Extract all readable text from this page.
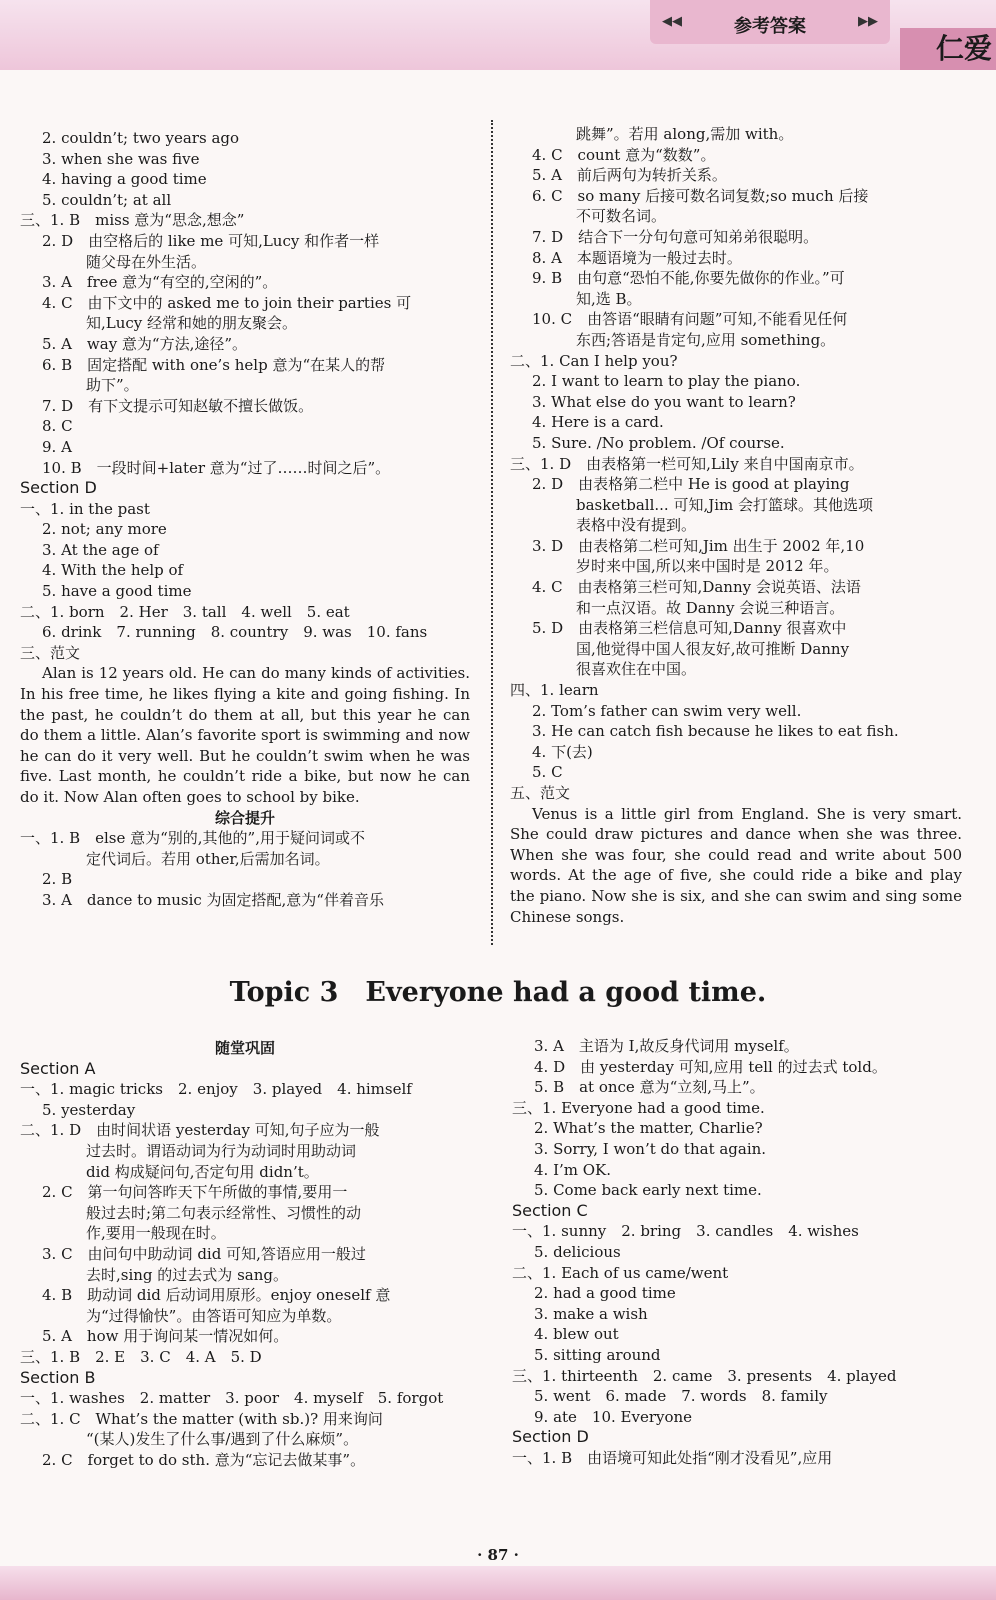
◀◀	参考答案	▶▶
仁爱
2. couldn’t; two years ago
3. when she was five
4. having a good time
5. couldn’t; at all
三、1. B　miss 意为“思念,想念”
2. D　由空格后的 like me 可知,Lucy 和作者一样
随父母在外生活。
3. A　free 意为“有空的,空闲的”。
4. C　由下文中的 asked me to join their parties 可
知,Lucy 经常和她的朋友聚会。
5. A　way 意为“方法,途径”。
6. B　固定搭配 with one’s help 意为“在某人的帮
助下”。
7. D　有下文提示可知赵敏不擅长做饭。
8. C
9. A
10. B　一段时间+later 意为“过了……时间之后”。
Section D
一、1. in the past
2. not; any more
3. At the age of
4. With the help of
5. have a good time
二、1. born　2. Her　3. tall　4. well　5. eat
6. drink　7. running　8. country　9. was　10. fans
三、范文
Alan is 12 years old. He can do many kinds of activities. In his free time, he likes flying a kite and going fishing. In the past, he couldn’t do them at all, but this year he can do them a little. Alan’s favorite sport is swimming and now he can do it very well. But he couldn’t swim when he was five. Last month, he couldn’t ride a bike, but now he can do it. Now Alan often goes to school by bike.
综合提升
一、1. B　else 意为“别的,其他的”,用于疑问词或不
定代词后。若用 other,后需加名词。
2. B
3. A　dance to music 为固定搭配,意为“伴着音乐
跳舞”。若用 along,需加 with。
4. C　count 意为“数数”。
5. A　前后两句为转折关系。
6. C　so many 后接可数名词复数;so much 后接
不可数名词。
7. D　结合下一分句句意可知弟弟很聪明。
8. A　本题语境为一般过去时。
9. B　由句意“恐怕不能,你要先做你的作业。”可
知,选 B。
10. C　由答语“眼睛有问题”可知,不能看见任何
东西;答语是肯定句,应用 something。
二、1. Can I help you?
2. I want to learn to play the piano.
3. What else do you want to learn?
4. Here is a card.
5. Sure. /No problem. /Of course.
三、1. D　由表格第一栏可知,Lily 来自中国南京市。
2. D　由表格第二栏中 He is good at playing
basketball... 可知,Jim 会打篮球。其他选项
表格中没有提到。
3. D　由表格第二栏可知,Jim 出生于 2002 年,10
岁时来中国,所以来中国时是 2012 年。
4. C　由表格第三栏可知,Danny 会说英语、法语
和一点汉语。故 Danny 会说三种语言。
5. D　由表格第三栏信息可知,Danny 很喜欢中
国,他觉得中国人很友好,故可推断 Danny
很喜欢住在中国。
四、1. learn
2. Tom’s father can swim very well.
3. He can catch fish because he likes to eat fish.
4. 下(去)
5. C
五、范文
Venus is a little girl from England. She is very smart. She could draw pictures and dance when she was three. When she was four, she could read and write about 500 words. At the age of five, she could ride a bike and play the piano. Now she is six, and she can swim and sing some Chinese songs.
Topic 3　Everyone had a good time.
随堂巩固
Section A
一、1. magic tricks　2. enjoy　3. played　4. himself
5. yesterday
二、1. D　由时间状语 yesterday 可知,句子应为一般
过去时。谓语动词为行为动词时用助动词
did 构成疑问句,否定句用 didn’t。
2. C　第一句问答昨天下午所做的事情,要用一
般过去时;第二句表示经常性、习惯性的动
作,要用一般现在时。
3. C　由问句中助动词 did 可知,答语应用一般过
去时,sing 的过去式为 sang。
4. B　助动词 did 后动词用原形。enjoy oneself 意
为“过得愉快”。由答语可知应为单数。
5. A　how 用于询问某一情况如何。
三、1. B　2. E　3. C　4. A　5. D
Section B
一、1. washes　2. matter　3. poor　4. myself　5. forgot
二、1. C　What’s the matter (with sb.)? 用来询问
“(某人)发生了什么事/遇到了什么麻烦”。
2. C　forget to do sth. 意为“忘记去做某事”。
3. A　主语为 I,故反身代词用 myself。
4. D　由 yesterday 可知,应用 tell 的过去式 told。
5. B　at once 意为“立刻,马上”。
三、1. Everyone had a good time.
2. What’s the matter, Charlie?
3. Sorry, I won’t do that again.
4. I’m OK.
5. Come back early next time.
Section C
一、1. sunny　2. bring　3. candles　4. wishes
5. delicious
二、1. Each of us came/went
2. had a good time
3. make a wish
4. blew out
5. sitting around
三、1. thirteenth　2. came　3. presents　4. played
5. went　6. made　7. words　8. family
9. ate　10. Everyone
Section D
一、1. B　由语境可知此处指“刚才没看见”,应用
· 87 ·
